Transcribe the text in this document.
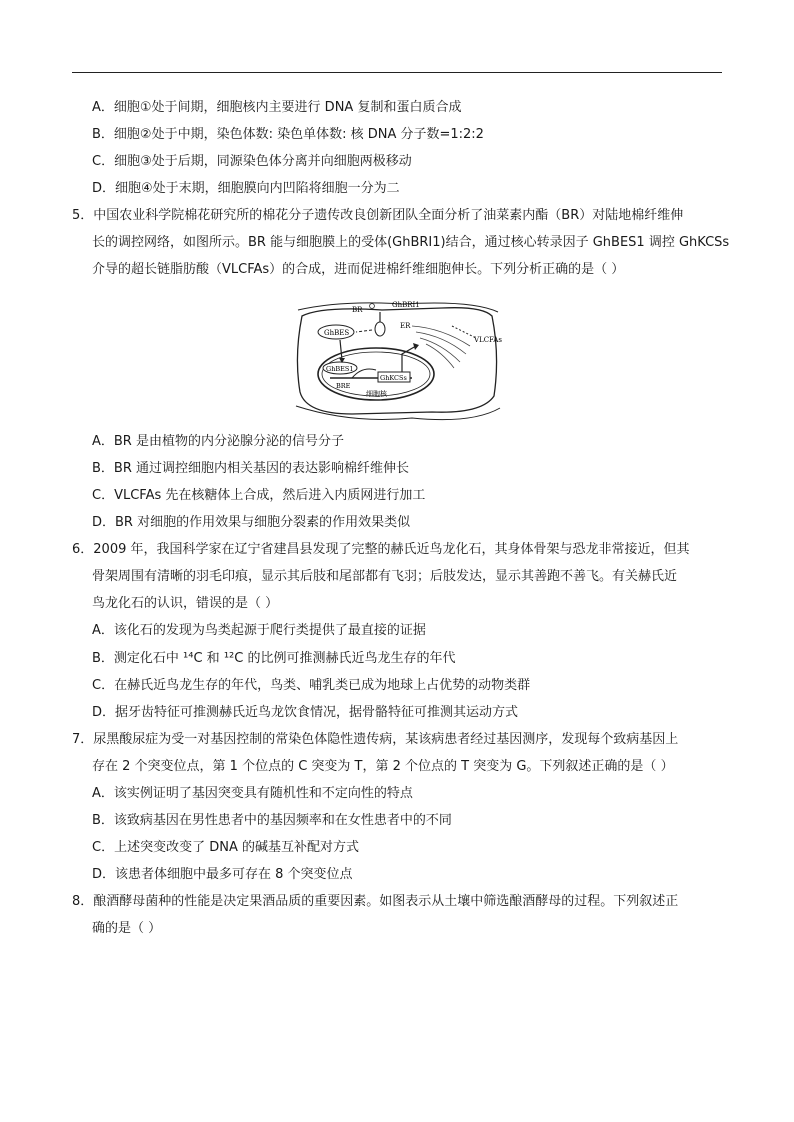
A．细胞①处于间期，细胞核内主要进行 DNA 复制和蛋白质合成
B．细胞②处于中期，染色体数: 染色单体数: 核 DNA 分子数=1:2:2
C．细胞③处于后期，同源染色体分离并向细胞两极移动
D．细胞④处于末期，细胞膜向内凹陷将细胞一分为二
5．中国农业科学院棉花研究所的棉花分子遗传改良创新团队全面分析了油菜素内酯（BR）对陆地棉纤维伸
长的调控网络，如图所示。BR 能与细胞膜上的受体(GhBRI1)结合，通过核心转录因子 GhBES1 调控 GhKCSs
介导的超长链脂肪酸（VLCFAs）的合成，进而促进棉纤维细胞伸长。下列分析正确的是（ ）
BR
GhBRI1
ER
VLCFAs
GhBES
GhBES1
GhKCSs
BRE
细胞核
A．BR 是由植物的内分泌腺分泌的信号分子
B．BR 通过调控细胞内相关基因的表达影响棉纤维伸长
C．VLCFAs 先在核糖体上合成，然后进入内质网进行加工
D．BR 对细胞的作用效果与细胞分裂素的作用效果类似
6．2009 年，我国科学家在辽宁省建昌县发现了完整的赫氏近鸟龙化石，其身体骨架与恐龙非常接近，但其
骨架周围有清晰的羽毛印痕，显示其后肢和尾部都有飞羽；后肢发达，显示其善跑不善飞。有关赫氏近
鸟龙化石的认识，错误的是（ ）
A．该化石的发现为鸟类起源于爬行类提供了最直接的证据
B．测定化石中 ¹⁴C 和 ¹²C 的比例可推测赫氏近鸟龙生存的年代
C．在赫氏近鸟龙生存的年代，鸟类、哺乳类已成为地球上占优势的动物类群
D．据牙齿特征可推测赫氏近鸟龙饮食情况，据骨骼特征可推测其运动方式
7．尿黑酸尿症为受一对基因控制的常染色体隐性遗传病，某该病患者经过基因测序，发现每个致病基因上
存在 2 个突变位点，第 1 个位点的 C 突变为 T，第 2 个位点的 T 突变为 G。下列叙述正确的是（ ）
A．该实例证明了基因突变具有随机性和不定向性的特点
B．该致病基因在男性患者中的基因频率和在女性患者中的不同
C．上述突变改变了 DNA 的碱基互补配对方式
D．该患者体细胞中最多可存在 8 个突变位点
8．酿酒酵母菌种的性能是决定果酒品质的重要因素。如图表示从土壤中筛选酿酒酵母的过程。下列叙述正
确的是（ ）
